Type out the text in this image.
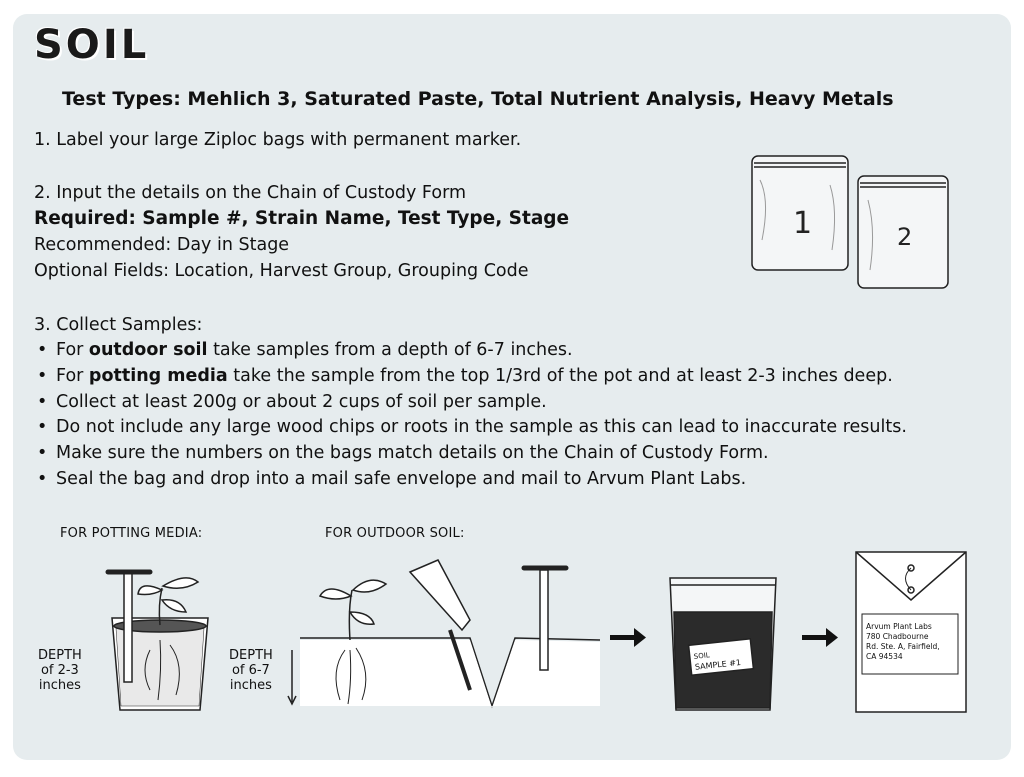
SOIL
Test Types: Mehlich 3, Saturated Paste, Total Nutrient Analysis, Heavy Metals
1. Label your large Ziploc bags with permanent marker.
2. Input the details on the Chain of Custody Form
Required: Sample #, Strain Name, Test Type, Stage
Recommended: Day in Stage
Optional Fields: Location, Harvest Group, Grouping Code
3. Collect Samples:
• For outdoor soil take samples from a depth of 6-7 inches.
• For potting media take the sample from the top 1/3rd of the pot and at least 2-3 inches deep.
• Collect at least 200g or about 2 cups of soil per sample.
• Do not include any large wood chips or roots in the sample as this can lead to inaccurate results.
• Make sure the numbers on the bags match details on the Chain of Custody Form.
• Seal the bag and drop into a mail safe envelope and mail to Arvum Plant Labs.
1	2
SOIL
SAMPLE #1
FOR POTTING MEDIA:	FOR OUTDOOR SOIL:
DEPTH
of 2-3
inches
DEPTH
of 6-7
inches
Arvum Plant Labs
780 Chadbourne
Rd. Ste. A, Fairfield,
CA 94534
